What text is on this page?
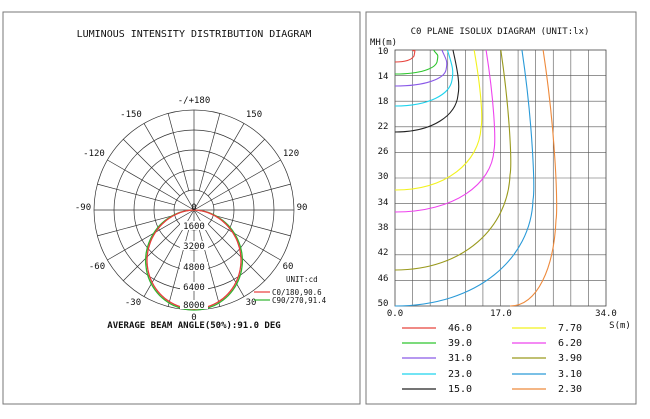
LUMINOUS INTENSITY DISTRIBUTION DIAGRAM
-/+180
150
-150
120
-120
90
-90
60
-60
30
-30
0
0
1600
3200
4800
6400
8000
UNIT:cd
C0/180,90.6
C90/270,91.4
AVERAGE BEAM ANGLE(50%):91.0 DEG
C0 PLANE ISOLUX DIAGRAM (UNIT:lx)
MH(m)
10
14
18
22
26
30
34
38
42
46
50
0.0	17.0	34.0
S(m)
46.0	7.70
39.0	6.20
31.0	3.90
23.0	3.10
15.0	2.30
